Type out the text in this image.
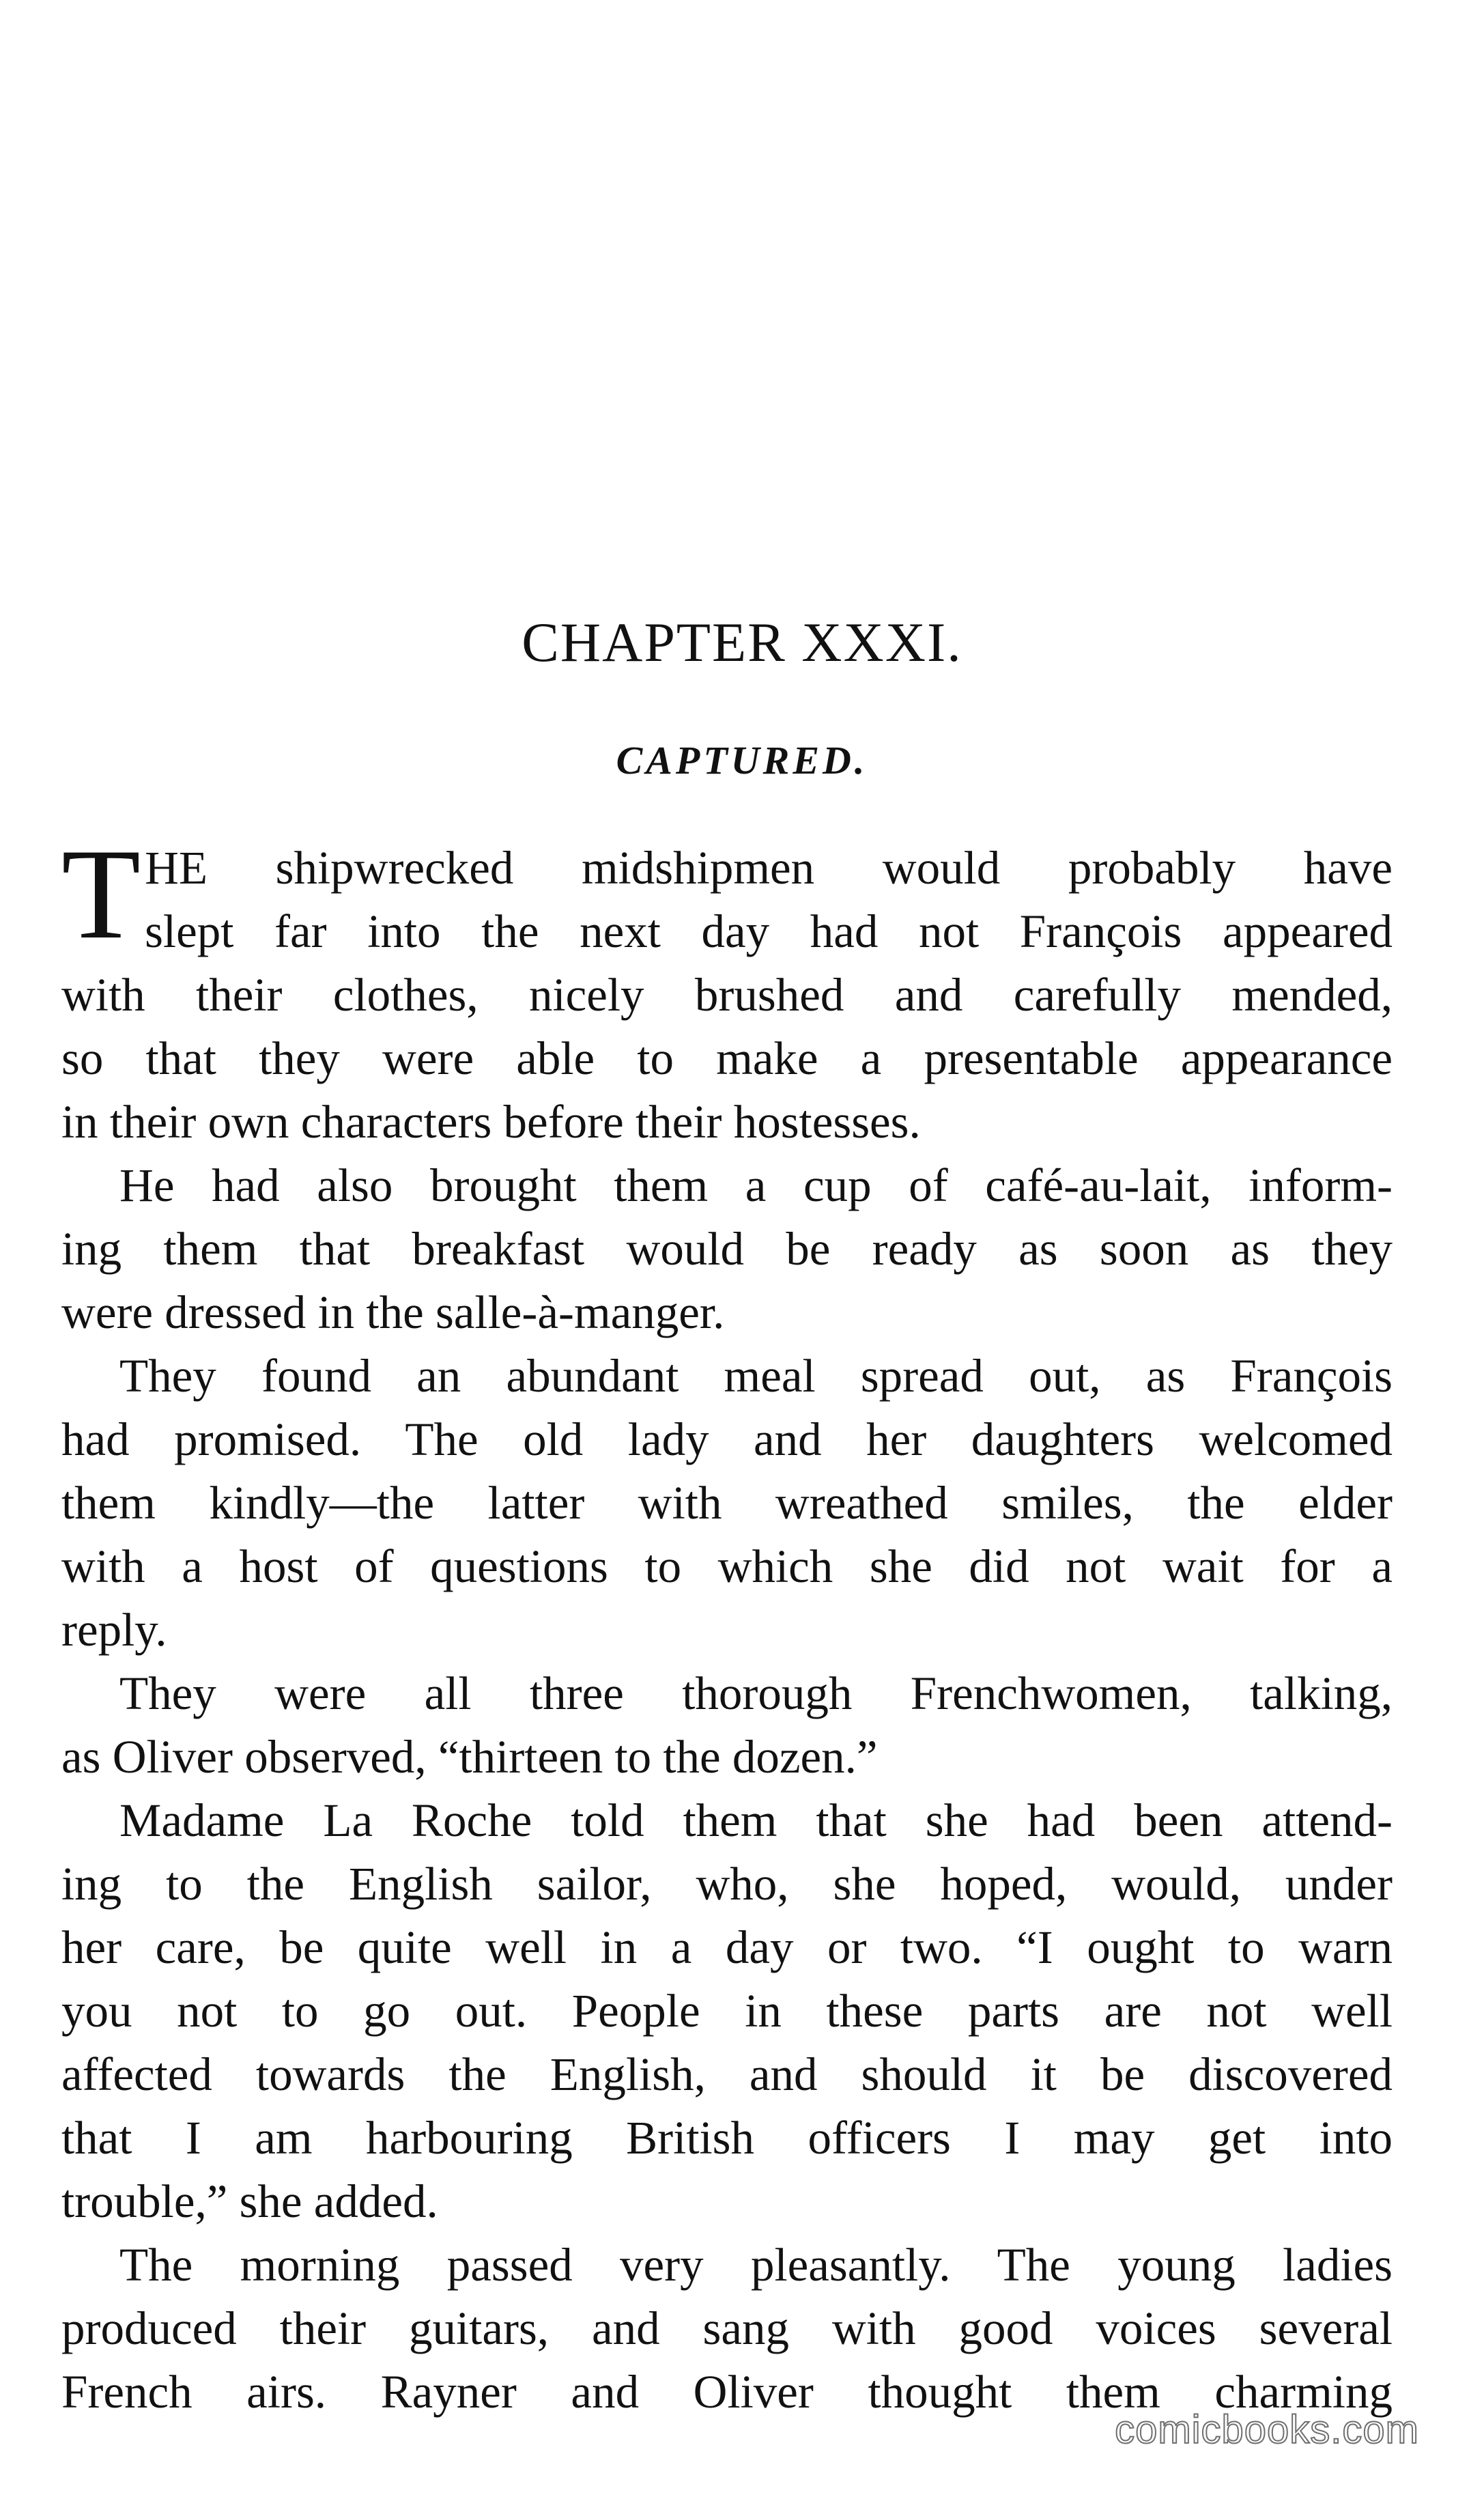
CHAPTER XXXI.
CAPTURED.
T HE shipwrecked midshipmen would probably have
slept far into the next day had not François appeared
with their clothes, nicely brushed and carefully mended,
so that they were able to make a presentable appearance
in their own characters before their hostesses.
He had also brought them a cup of café-au-lait, inform-
ing them that breakfast would be ready as soon as they
were dressed in the salle-à-manger.
They found an abundant meal spread out, as François
had promised. The old lady and her daughters welcomed
them kindly—the latter with wreathed smiles, the elder
with a host of questions to which she did not wait for a
reply.
They were all three thorough Frenchwomen, talking,
as Oliver observed, “thirteen to the dozen.”
Madame La Roche told them that she had been attend-
ing to the English sailor, who, she hoped, would, under
her care, be quite well in a day or two. “I ought to warn
you not to go out. People in these parts are not well
affected towards the English, and should it be discovered
that I am harbouring British officers I may get into
trouble,” she added.
The morning passed very pleasantly. The young ladies
produced their guitars, and sang with good voices several
French airs. Rayner and Oliver thought them charming
comicbooks.com
